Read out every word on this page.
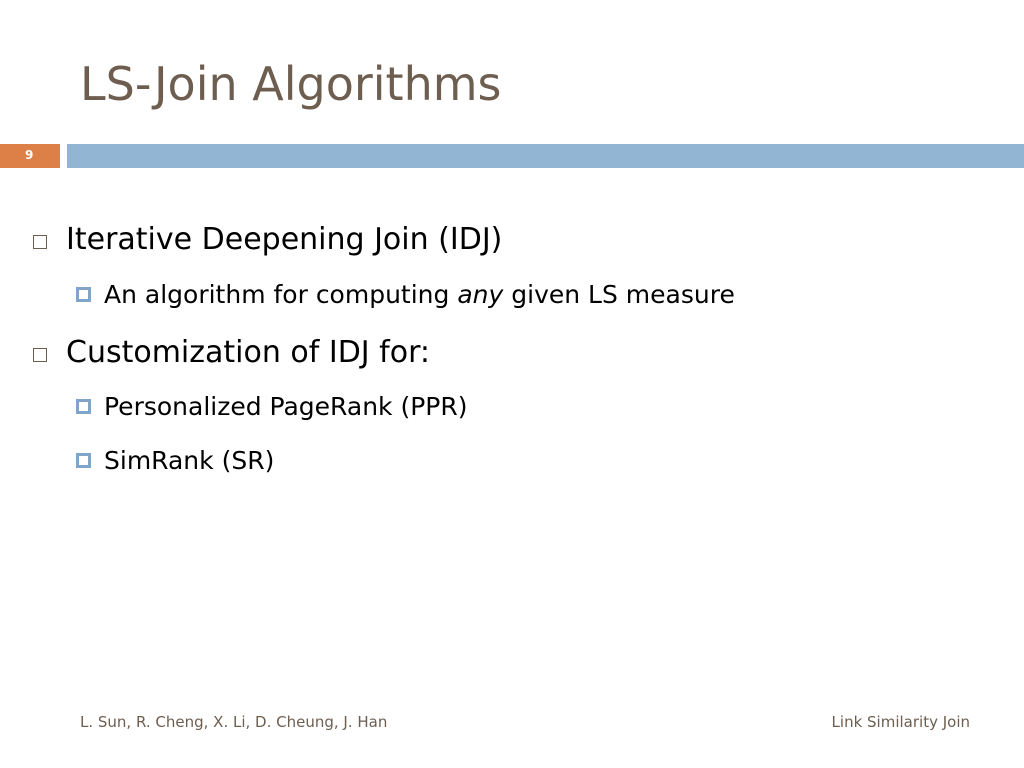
LS-Join Algorithms
9
Iterative Deepening Join (IDJ)
An algorithm for computing any given LS measure
Customization of IDJ for:
Personalized PageRank (PPR)
SimRank (SR)
L. Sun, R. Cheng, X. Li, D. Cheung, J. Han	Link Similarity Join
